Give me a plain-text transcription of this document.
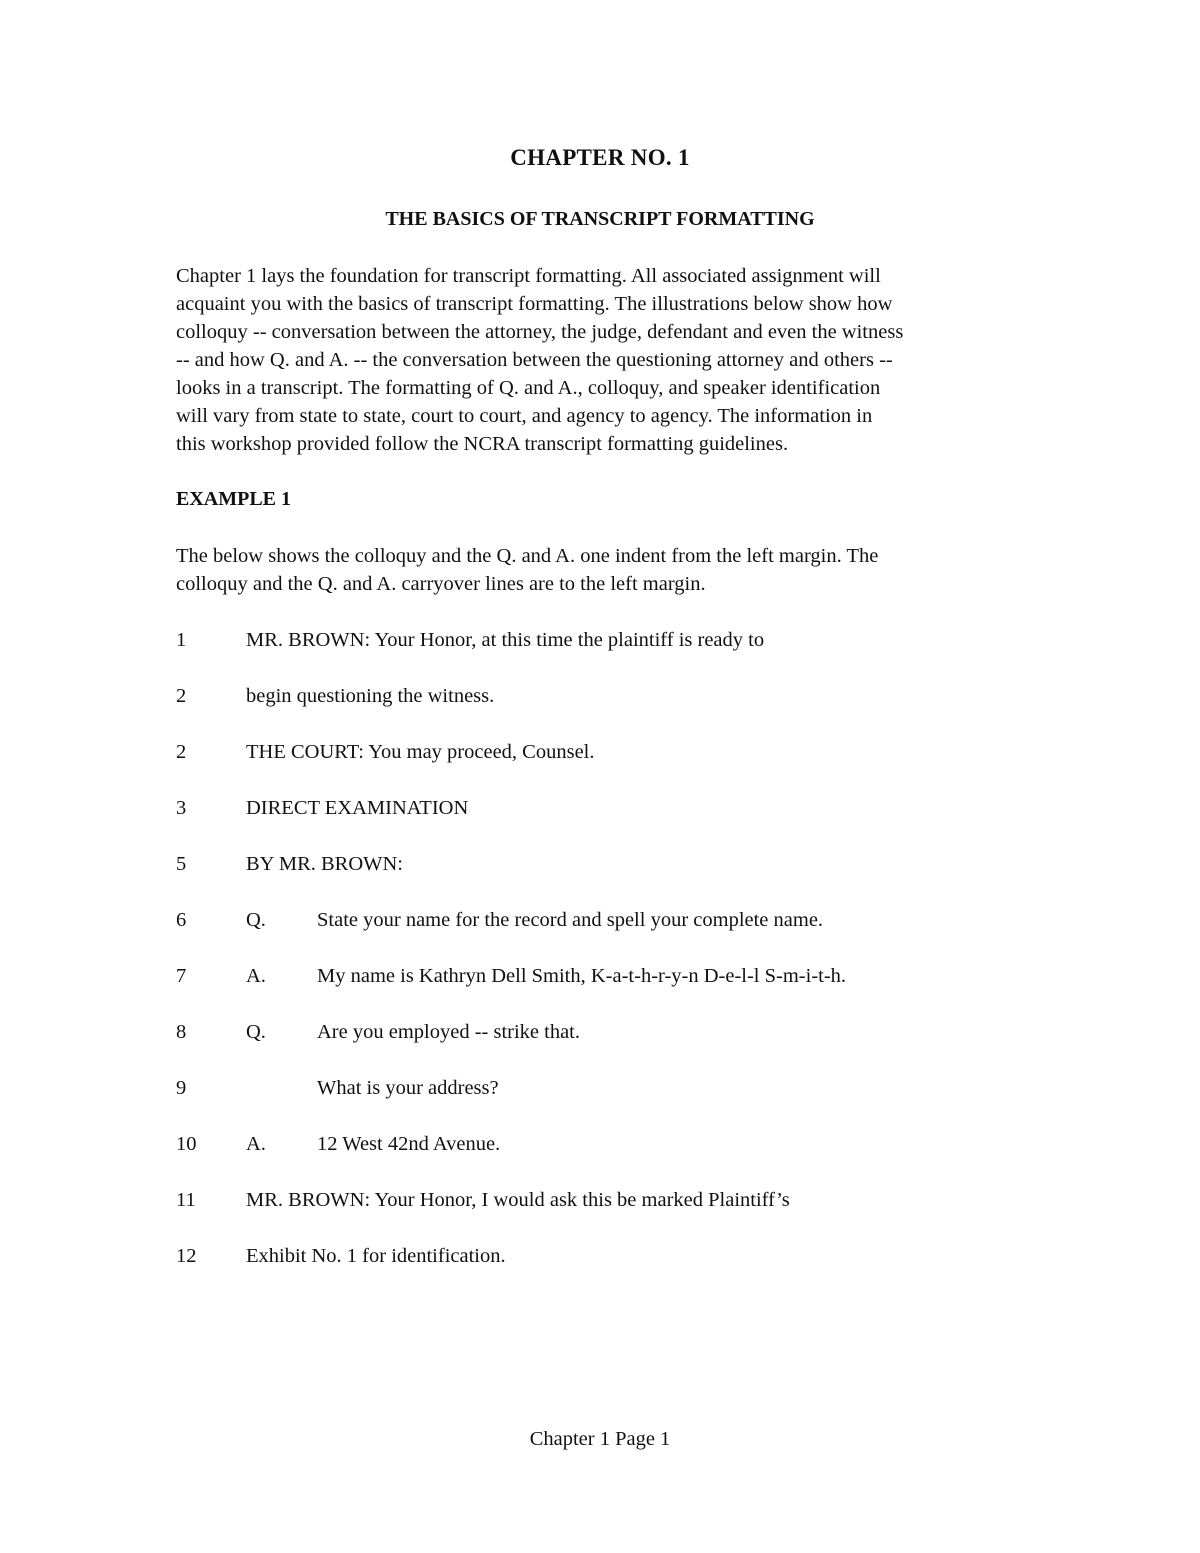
CHAPTER NO. 1
THE BASICS OF TRANSCRIPT FORMATTING
Chapter 1 lays the foundation for transcript formatting. All associated assignment will
acquaint you with the basics of transcript formatting. The illustrations below show how
colloquy -- conversation between the attorney, the judge, defendant and even the witness
-- and how Q. and A. -- the conversation between the questioning attorney and others --
looks in a transcript. The formatting of Q. and A., colloquy, and speaker identification
will vary from state to state, court to court, and agency to agency. The information in
this workshop provided follow the NCRA transcript formatting guidelines.
EXAMPLE 1
The below shows the colloquy and the Q. and A. one indent from the left margin. The
colloquy and the Q. and A. carryover lines are to the left margin.
1	MR. BROWN: Your Honor, at this time the plaintiff is ready to
2	begin questioning the witness.
2	THE COURT: You may proceed, Counsel.
3	DIRECT EXAMINATION
5	BY MR. BROWN:
6	Q. State your name for the record and spell your complete name.
7	A. My name is Kathryn Dell Smith, K-a-t-h-r-y-n D-e-l-l S-m-i-t-h.
8	Q. Are you employed -- strike that.
9	What is your address?
10 A. 12 West 42nd Avenue.
11 MR. BROWN: Your Honor, I would ask this be marked Plaintiff’s
12 Exhibit No. 1 for identification.
Chapter 1 Page 1
